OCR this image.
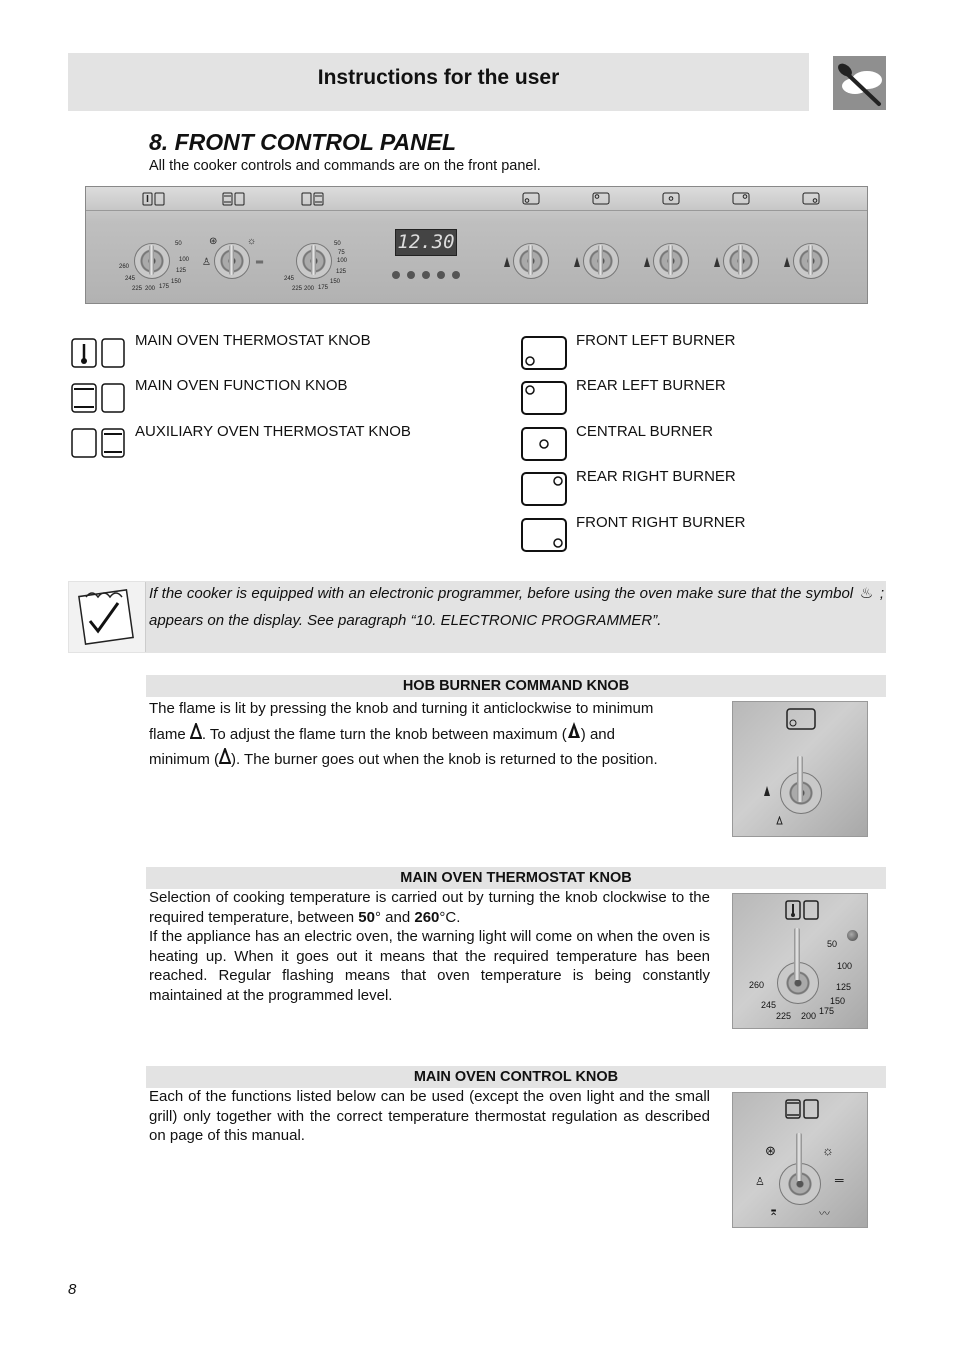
Instructions for the user
8. FRONT CONTROL PANEL
All the cooker controls and commands are on the front panel.
50
100
125
150
175
200
225
245
260
50
75
100
125
150
175
200
225
245
⊛	☼
═
♙
12.30
MAIN OVEN THERMOSTAT KNOB
MAIN OVEN FUNCTION KNOB
AUXILIARY OVEN THERMOSTAT KNOB
FRONT LEFT BURNER
REAR LEFT BURNER
CENTRAL BURNER
REAR RIGHT BURNER
FRONT RIGHT BURNER
If the cooker is equipped with an electronic programmer, before using the oven make sure that the symbol ♨ ; appears on the display. See paragraph “10. ELECTRONIC PROGRAMMER”.
HOB BURNER COMMAND KNOB
The flame is lit by pressing the knob and turning it anticlockwise to minimum
flame . To adjust the flame turn the knob between maximum ( ) and
minimum ( ). The burner goes out when the knob is returned to the position.
MAIN OVEN THERMOSTAT KNOB
Selection of cooking temperature is carried out by turning the knob clockwise to the required temperature, between 50° and 260°C.
If the appliance has an electric oven, the warning light will come on when the oven is heating up. When it goes out it means that the required temperature has been reached. Regular flashing means that oven temperature is being constantly maintained at the programmed level.
50
100
125
150
175
200
225
245
260
MAIN OVEN CONTROL KNOB
Each of the functions listed below can be used (except the oven light and the small grill) only together with the correct temperature thermostat regulation as described on page of this manual.
⊛	☼
♙	═
⌆	〰
8
